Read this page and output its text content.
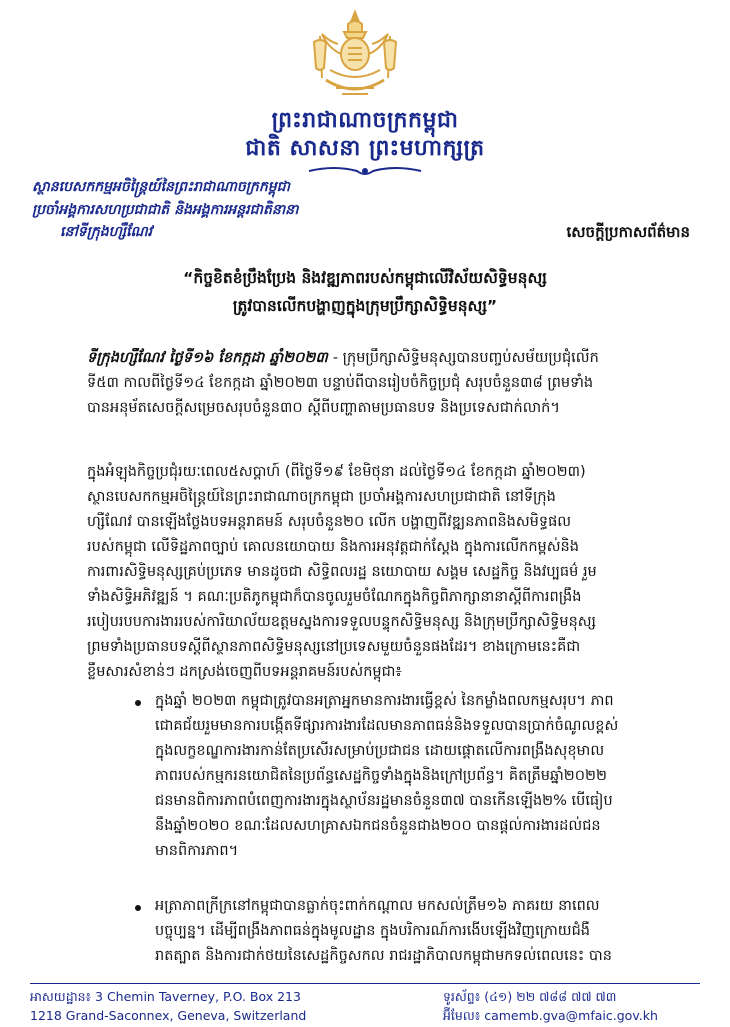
ព្រះរាជាណាចក្រកម្ពុជា
ជាតិ សាសនា ព្រះមហាក្សត្រ
ស្ថានបេសកកម្មអចិន្ត្រៃយ៍នៃព្រះរាជាណាចក្រកម្ពុជា
ប្រចាំអង្គការសហប្រជាជាតិ និងអង្គការអន្តរជាតិនានា
នៅទីក្រុងហ្សឺណែវ	សេចក្តីប្រកាសព័ត៌មាន
“កិច្ចខិតខំប្រឹងប្រែង និងវឌ្ឍភាពរបស់កម្ពុជាលើវិស័យសិទ្ធិមនុស្ស
ត្រូវបានលើកបង្ហាញក្នុងក្រុមប្រឹក្សាសិទ្ធិមនុស្ស”
ទីក្រុងហ្សឺណែវ ថ្ងៃទី១៦ ខែកក្កដា ឆ្នាំ២០២៣ - ក្រុមប្រឹក្សាសិទ្ធិមនុស្សបានបញ្ចប់សម័យប្រជុំលើក
ទី៥៣ កាលពីថ្ងៃទី១៤ ខែកក្កដា ឆ្នាំ២០២៣ បន្ទាប់ពីបានរៀបចំកិច្ចប្រជុំ សរុបចំនួន៣៨ ព្រមទាំង
បានអនុម័តសេចក្តីសម្រេចសរុបចំនួន៣០ ស្តីពីបញ្ហាតាមប្រធានបទ និងប្រទេសជាក់លាក់។
ក្នុងអំឡុងកិច្ចប្រជុំរយៈពេល៥សប្តាហ៍ (ពីថ្ងៃទី១៩ ខែមិថុនា ដល់ថ្ងៃទី១៤ ខែកក្កដា ឆ្នាំ២០២៣)
ស្ថានបេសកកម្មអចិន្ត្រៃយ៍នៃព្រះរាជាណាចក្រកម្ពុជា ប្រចាំអង្គការសហប្រជាជាតិ នៅទីក្រុង
ហ្សឺណែវ បានឡើងថ្លែងបទអន្តរាគមន៍ សរុបចំនួន២០ លើក បង្ហាញពីវឌ្ឍនភាពនិងសមិទ្ធផល
របស់កម្ពុជា លើទិដ្ឋភាពច្បាប់ គោលនយោបាយ និងការអនុវត្តជាក់ស្តែង ក្នុងការលើកកម្ពស់និង
ការពារសិទ្ធិមនុស្សគ្រប់ប្រភេទ មានដូចជា សិទ្ធិពលរដ្ឋ នយោបាយ សង្គម សេដ្ឋកិច្ច និងវប្បធម៌ រួម
ទាំងសិទ្ធិអភិវឌ្ឍន៍ ។ គណៈប្រតិភូកម្ពុជាក៏បានចូលរួមចំណែកក្នុងកិច្ចពិភាក្សានានាស្តីពីការពង្រឹង
របៀបរបបការងាររបស់ការិយាល័យឧត្តមស្នងការទទួលបន្ទុកសិទ្ធិមនុស្ស និងក្រុមប្រឹក្សាសិទ្ធិមនុស្ស
ព្រមទាំងប្រធានបទស្តីពីស្ថានភាពសិទ្ធិមនុស្សនៅប្រទេសមួយចំនួនផងដែរ។ ខាងក្រោមនេះគឺជា
ខ្លឹមសារសំខាន់ៗ ដកស្រង់ចេញពីបទអន្តរាគមន៍របស់កម្ពុជា៖
ក្នុងឆ្នាំ ២០២៣ កម្ពុជាត្រូវបានអត្រាអ្នកមានការងារធ្វើខ្ពស់ នៃកម្លាំងពលកម្មសរុប។ ភាព
ជោគជ័យរួមមានការបង្កើតទីផ្សារការងារដែលមានភាពធន់និងទទួលបានប្រាក់ចំណូលខ្ពស់
ក្នុងលក្ខខណ្ឌការងារកាន់តែប្រសើរសម្រាប់ប្រជាជន ដោយផ្តោតលើការពង្រឹងសុខុមាល
ភាពរបស់កម្មករនយោជិតនៃប្រព័ន្ធសេដ្ឋកិច្ចទាំងក្នុងនិងក្រៅប្រព័ន្ធ។ គិតត្រឹមឆ្នាំ២០២២
ជនមានពិការភាពបំពេញការងារក្នុងស្ថាប័នរដ្ឋមានចំនួន៣៧ បានកើនឡើង២% បើធៀប
នឹងឆ្នាំ២០២០ ខណៈដែលសហគ្រាសឯកជនចំនួនជាង២០០ បានផ្តល់ការងារដល់ជន
មានពិការភាព។
អត្រាភាពក្រីក្រនៅកម្ពុជាបានធ្លាក់ចុះពាក់កណ្តាល មកសល់ត្រឹម១៦ ភាគរយ នាពេល
បច្ចុប្បន្ន។ ដើម្បីពង្រឹងភាពធន់ក្នុងមូលដ្ឋាន ក្នុងបរិការណ៍ការងើបឡើងវិញក្រោយជំងឺ
រាតត្បាត និងការជាក់ថយនៃសេដ្ឋកិច្ចសកល រាជរដ្ឋាភិបាលកម្ពុជាមកទល់ពេលនេះ បាន
អាសយដ្ឋាន៖ 3 Chemin Taverney, P.O. Box 213
1218 Grand-Saconnex, Geneva, Switzerland
ទូរស័ព្ទ៖ (៤១) ២២ ៧៨៨ ៧៧ ៧៣
អ៊ីមែល៖ camemb.gva@mfaic.gov.kh
